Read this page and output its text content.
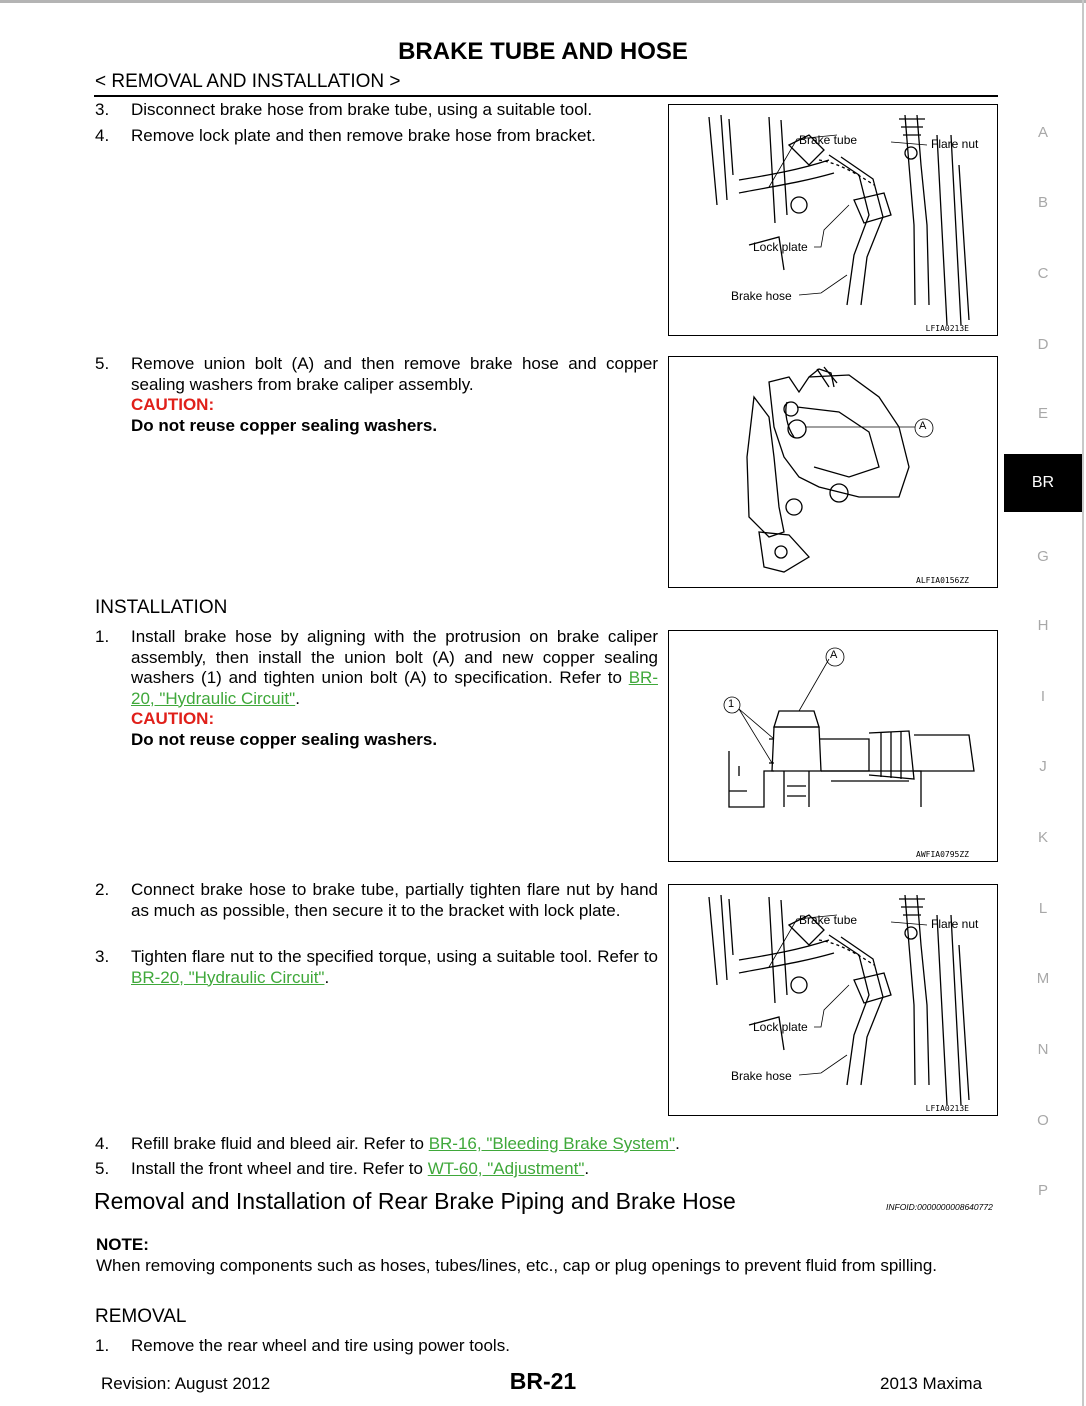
BRAKE TUBE AND HOSE
< REMOVAL AND INSTALLATION >
3.	Disconnect brake hose from brake tube, using a suitable tool.
4.	Remove lock plate and then remove brake hose from bracket.
5.	Remove union bolt (A) and then remove brake hose and copper sealing washers from brake caliper assembly.
CAUTION:
Do not reuse copper sealing washers.
INSTALLATION
1.	Install brake hose by aligning with the protrusion on brake caliper assembly, then install the union bolt (A) and new copper sealing washers (1) and tighten union bolt (A) to specification. Refer to BR-20, "Hydraulic Circuit".
CAUTION:
Do not reuse copper sealing washers.
2.	Connect brake hose to brake tube, partially tighten flare nut by hand as much as possible, then secure it to the bracket with lock plate.
3.	Tighten flare nut to the specified torque, using a suitable tool. Refer to BR-20, "Hydraulic Circuit".
4.	Refill brake fluid and bleed air. Refer to BR-16, "Bleeding Brake System".
5.	Install the front wheel and tire. Refer to WT-60, "Adjustment".
Removal and Installation of Rear Brake Piping and Brake Hose	INFOID:0000000008640772
NOTE:
When removing components such as hoses, tubes/lines, etc., cap or plug openings to prevent fluid from spilling.
REMOVAL
1.	Remove the rear wheel and tire using power tools.
Brake tube	Flare nut
Lock plate
Brake hose
LFIA0213E
A
ALFIA0156ZZ
A
1
AWFIA0795ZZ
Brake tube	Flare nut
Lock plate
Brake hose
LFIA0213E
A
B
C
D
E
BR
G
H
I
J
K
L
M
N
O
P
Revision: August 2012	BR-21	2013 Maxima
